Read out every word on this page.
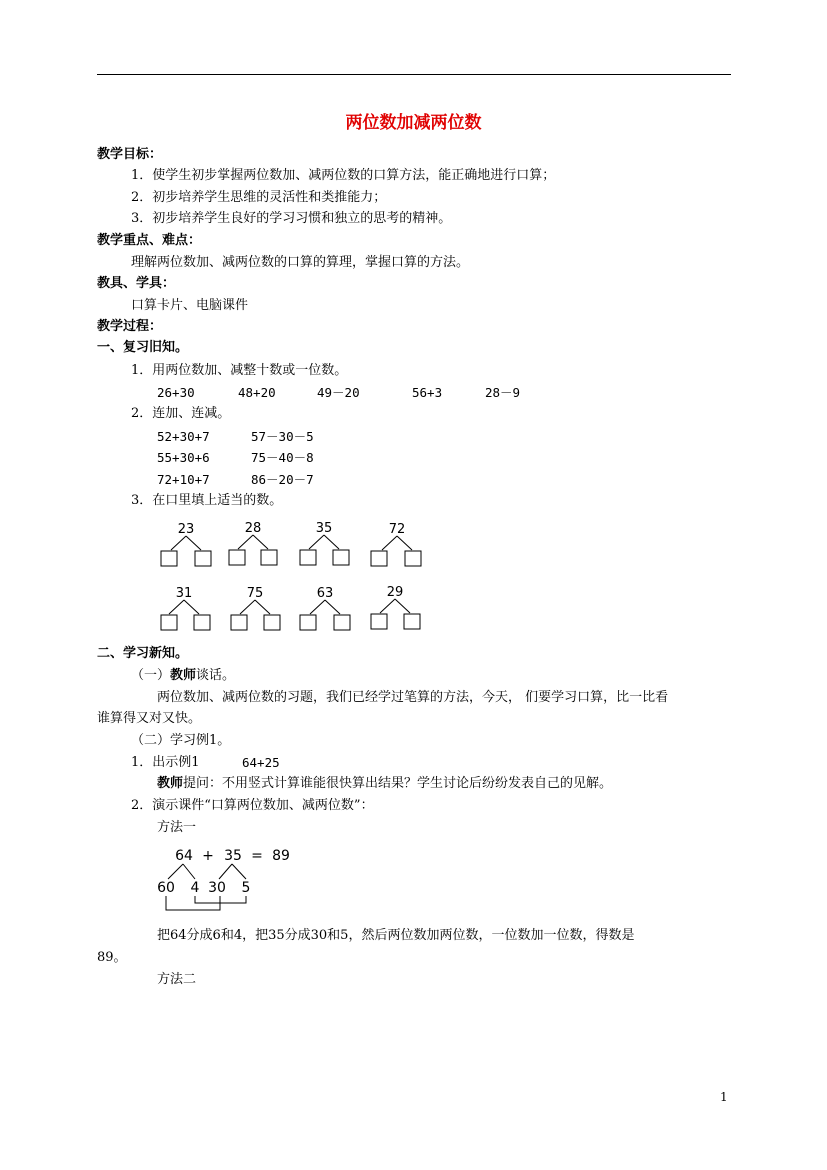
两位数加减两位数
教学目标：
1．使学生初步掌握两位数加、减两位数的口算方法，能正确地进行口算；
2．初步培养学生思维的灵活性和类推能力；
3．初步培养学生良好的学习习惯和独立的思考的精神。
教学重点、难点：
理解两位数加、减两位数的口算的算理，掌握口算的方法。
教具、学具：
口算卡片、电脑课件
教学过程：
一、复习旧知。
1．用两位数加、减整十数或一位数。
26+30	48+20	49－20	56+3	28－9
2．连加、连减。
52+30+7	57－30－5
55+30+6	75－40－8
72+10+7	86－20－7
3．在口里填上适当的数。
23	28	35	72
31	75	63	29
64 + 35 = 89
60 4 30 5
二、学习新知。
（一）教师谈话。
两位数加、减两位数的习题，我们已经学过笔算的方法，今天， 们要学习口算，比一比看
谁算得又对又快。
（二）学习例1。
1．出示例1	64+25
教师提问：不用竖式计算谁能很快算出结果？学生讨论后纷纷发表自己的见解。
2．演示课件“口算两位数加、减两位数”：
方法一
把64分成6和4，把35分成30和5，然后两位数加两位数，一位数加一位数，得数是
89。
方法二
1
